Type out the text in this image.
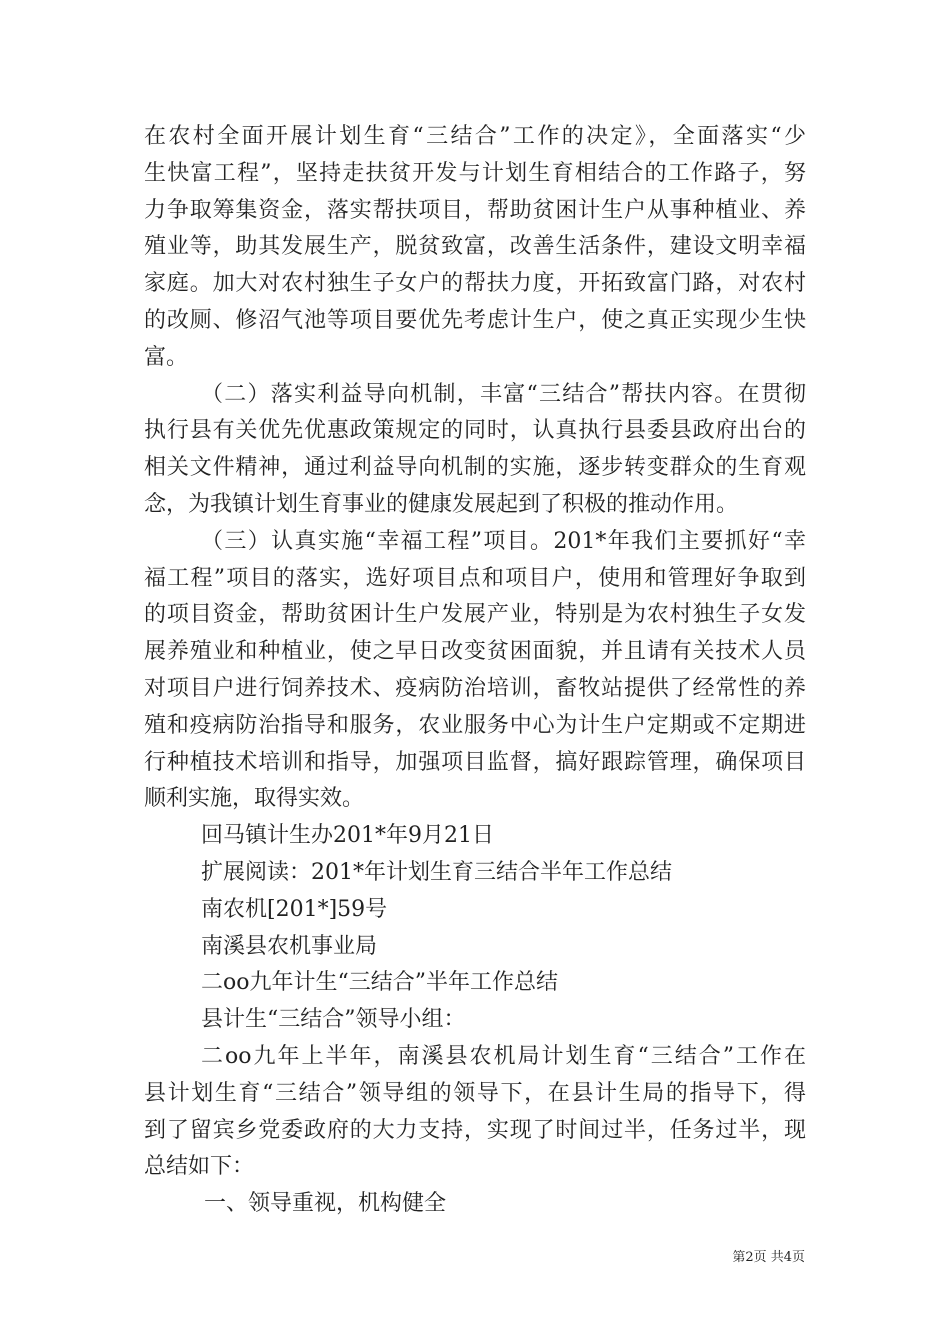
在农村全面开展计划生育“三结合”工作的决定》，全面落实“少
生快富工程”，坚持走扶贫开发与计划生育相结合的工作路子，努
力争取筹集资金，落实帮扶项目，帮助贫困计生户从事种植业、养
殖业等，助其发展生产，脱贫致富，改善生活条件，建设文明幸福
家庭。加大对农村独生子女户的帮扶力度，开拓致富门路，对农村
的改厕、修沼气池等项目要优先考虑计生户，使之真正实现少生快
富。
（二）落实利益导向机制，丰富“三结合”帮扶内容。在贯彻
执行县有关优先优惠政策规定的同时，认真执行县委县政府出台的
相关文件精神，通过利益导向机制的实施，逐步转变群众的生育观
念，为我镇计划生育事业的健康发展起到了积极的推动作用。
（三）认真实施“幸福工程”项目。201*年我们主要抓好“幸
福工程”项目的落实，选好项目点和项目户，使用和管理好争取到
的项目资金，帮助贫困计生户发展产业，特别是为农村独生子女发
展养殖业和种植业，使之早日改变贫困面貌，并且请有关技术人员
对项目户进行饲养技术、疫病防治培训，畜牧站提供了经常性的养
殖和疫病防治指导和服务，农业服务中心为计生户定期或不定期进
行种植技术培训和指导，加强项目监督，搞好跟踪管理，确保项目
顺利实施，取得实效。
回马镇计生办201*年9月21日
扩展阅读：201*年计划生育三结合半年工作总结
南农机[201*]59号
南溪县农机事业局
二oo九年计生“三结合”半年工作总结
县计生“三结合”领导小组：
二oo九年上半年，南溪县农机局计划生育“三结合”工作在
县计划生育“三结合”领导组的领导下，在县计生局的指导下，得
到了留宾乡党委政府的大力支持，实现了时间过半，任务过半，现
总结如下：
一、领导重视，机构健全
第2页 共4页
